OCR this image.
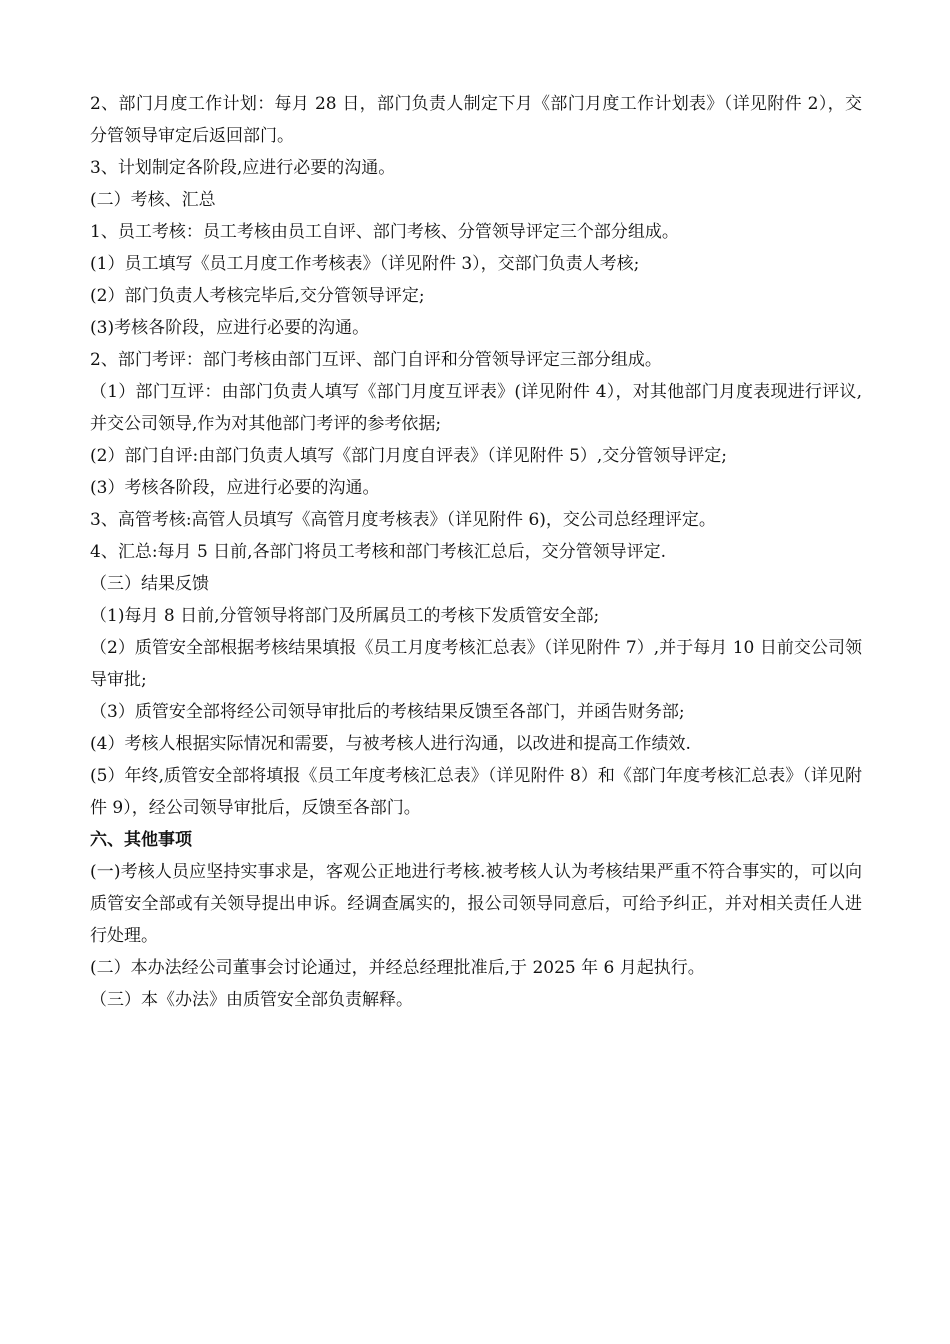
2、部门月度工作计划：每月 28 日，部门负责人制定下月《部门月度工作计划表》（详见附件 2），交分管领导审定后返回部门。

3、计划制定各阶段,应进行必要的沟通。

(二）考核、汇总

1、员工考核：员工考核由员工自评、部门考核、分管领导评定三个部分组成。

(1）员工填写《员工月度工作考核表》（详见附件 3），交部门负责人考核;

(2）部门负责人考核完毕后,交分管领导评定;

(3)考核各阶段，应进行必要的沟通。

2、部门考评：部门考核由部门互评、部门自评和分管领导评定三部分组成。

（1）部门互评：由部门负责人填写《部门月度互评表》(详见附件 4），对其他部门月度表现进行评议,并交公司领导,作为对其他部门考评的参考依据;

(2）部门自评:由部门负责人填写《部门月度自评表》（详见附件 5）,交分管领导评定;

(3）考核各阶段，应进行必要的沟通。

3、高管考核:高管人员填写《高管月度考核表》（详见附件 6)，交公司总经理评定。

4、汇总:每月 5 日前,各部门将员工考核和部门考核汇总后，交分管领导评定.

（三）结果反馈

（1)每月 8 日前,分管领导将部门及所属员工的考核下发质管安全部;

（2）质管安全部根据考核结果填报《员工月度考核汇总表》（详见附件 7）,并于每月 10 日前交公司领导审批;

（3）质管安全部将经公司领导审批后的考核结果反馈至各部门，并函告财务部;

(4）考核人根据实际情况和需要，与被考核人进行沟通，以改进和提高工作绩效.

(5）年终,质管安全部将填报《员工年度考核汇总表》（详见附件 8）和《部门年度考核汇总表》（详见附件 9），经公司领导审批后，反馈至各部门。

六、其他事项

(一)考核人员应坚持实事求是，客观公正地进行考核.被考核人认为考核结果严重不符合事实的，可以向质管安全部或有关领导提出申诉。经调查属实的，报公司领导同意后，可给予纠正，并对相关责任人进行处理。

(二）本办法经公司董事会讨论通过，并经总经理批准后,于 2025 年 6 月起执行。

（三）本《办法》由质管安全部负责解释。
